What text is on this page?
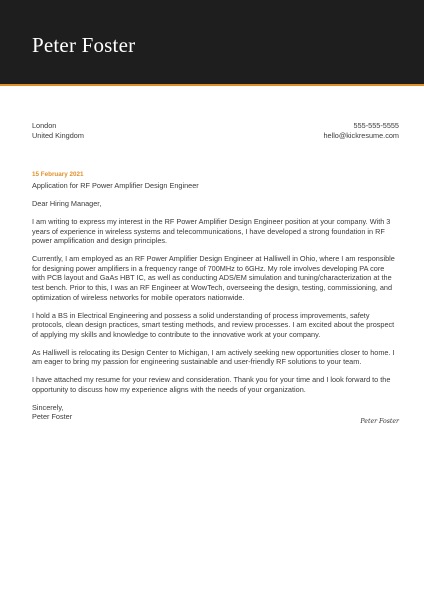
Peter Foster
London
United Kingdom
555-555-5555
hello@kickresume.com
15 February 2021
Application for RF Power Amplifier Design Engineer

Dear Hiring Manager,

I am writing to express my interest in the RF Power Amplifier Design Engineer position at your company. With 3 years of experience in wireless systems and telecommunications, I have developed a strong foundation in RF power amplification and design principles.

Currently, I am employed as an RF Power Amplifier Design Engineer at Halliwell in Ohio, where I am responsible for designing power amplifiers in a frequency range of 700MHz to 6GHz. My role involves developing PA core with PCB layout and GaAs HBT IC, as well as conducting ADS/EM simulation and tuning/characterization at the test bench. Prior to this, I was an RF Engineer at WowTech, overseeing the design, testing, commissioning, and optimization of wireless networks for mobile operators nationwide.

I hold a BS in Electrical Engineering and possess a solid understanding of process improvements, safety protocols, clean design practices, smart testing methods, and review processes. I am excited about the prospect of applying my skills and knowledge to contribute to the innovative work at your company.

As Halliwell is relocating its Design Center to Michigan, I am actively seeking new opportunities closer to home. I am eager to bring my passion for engineering sustainable and user-friendly RF solutions to your team.

I have attached my resume for your review and consideration. Thank you for your time and I look forward to the opportunity to discuss how my experience aligns with the needs of your organization.

Sincerely,
Peter Foster

Peter Foster
